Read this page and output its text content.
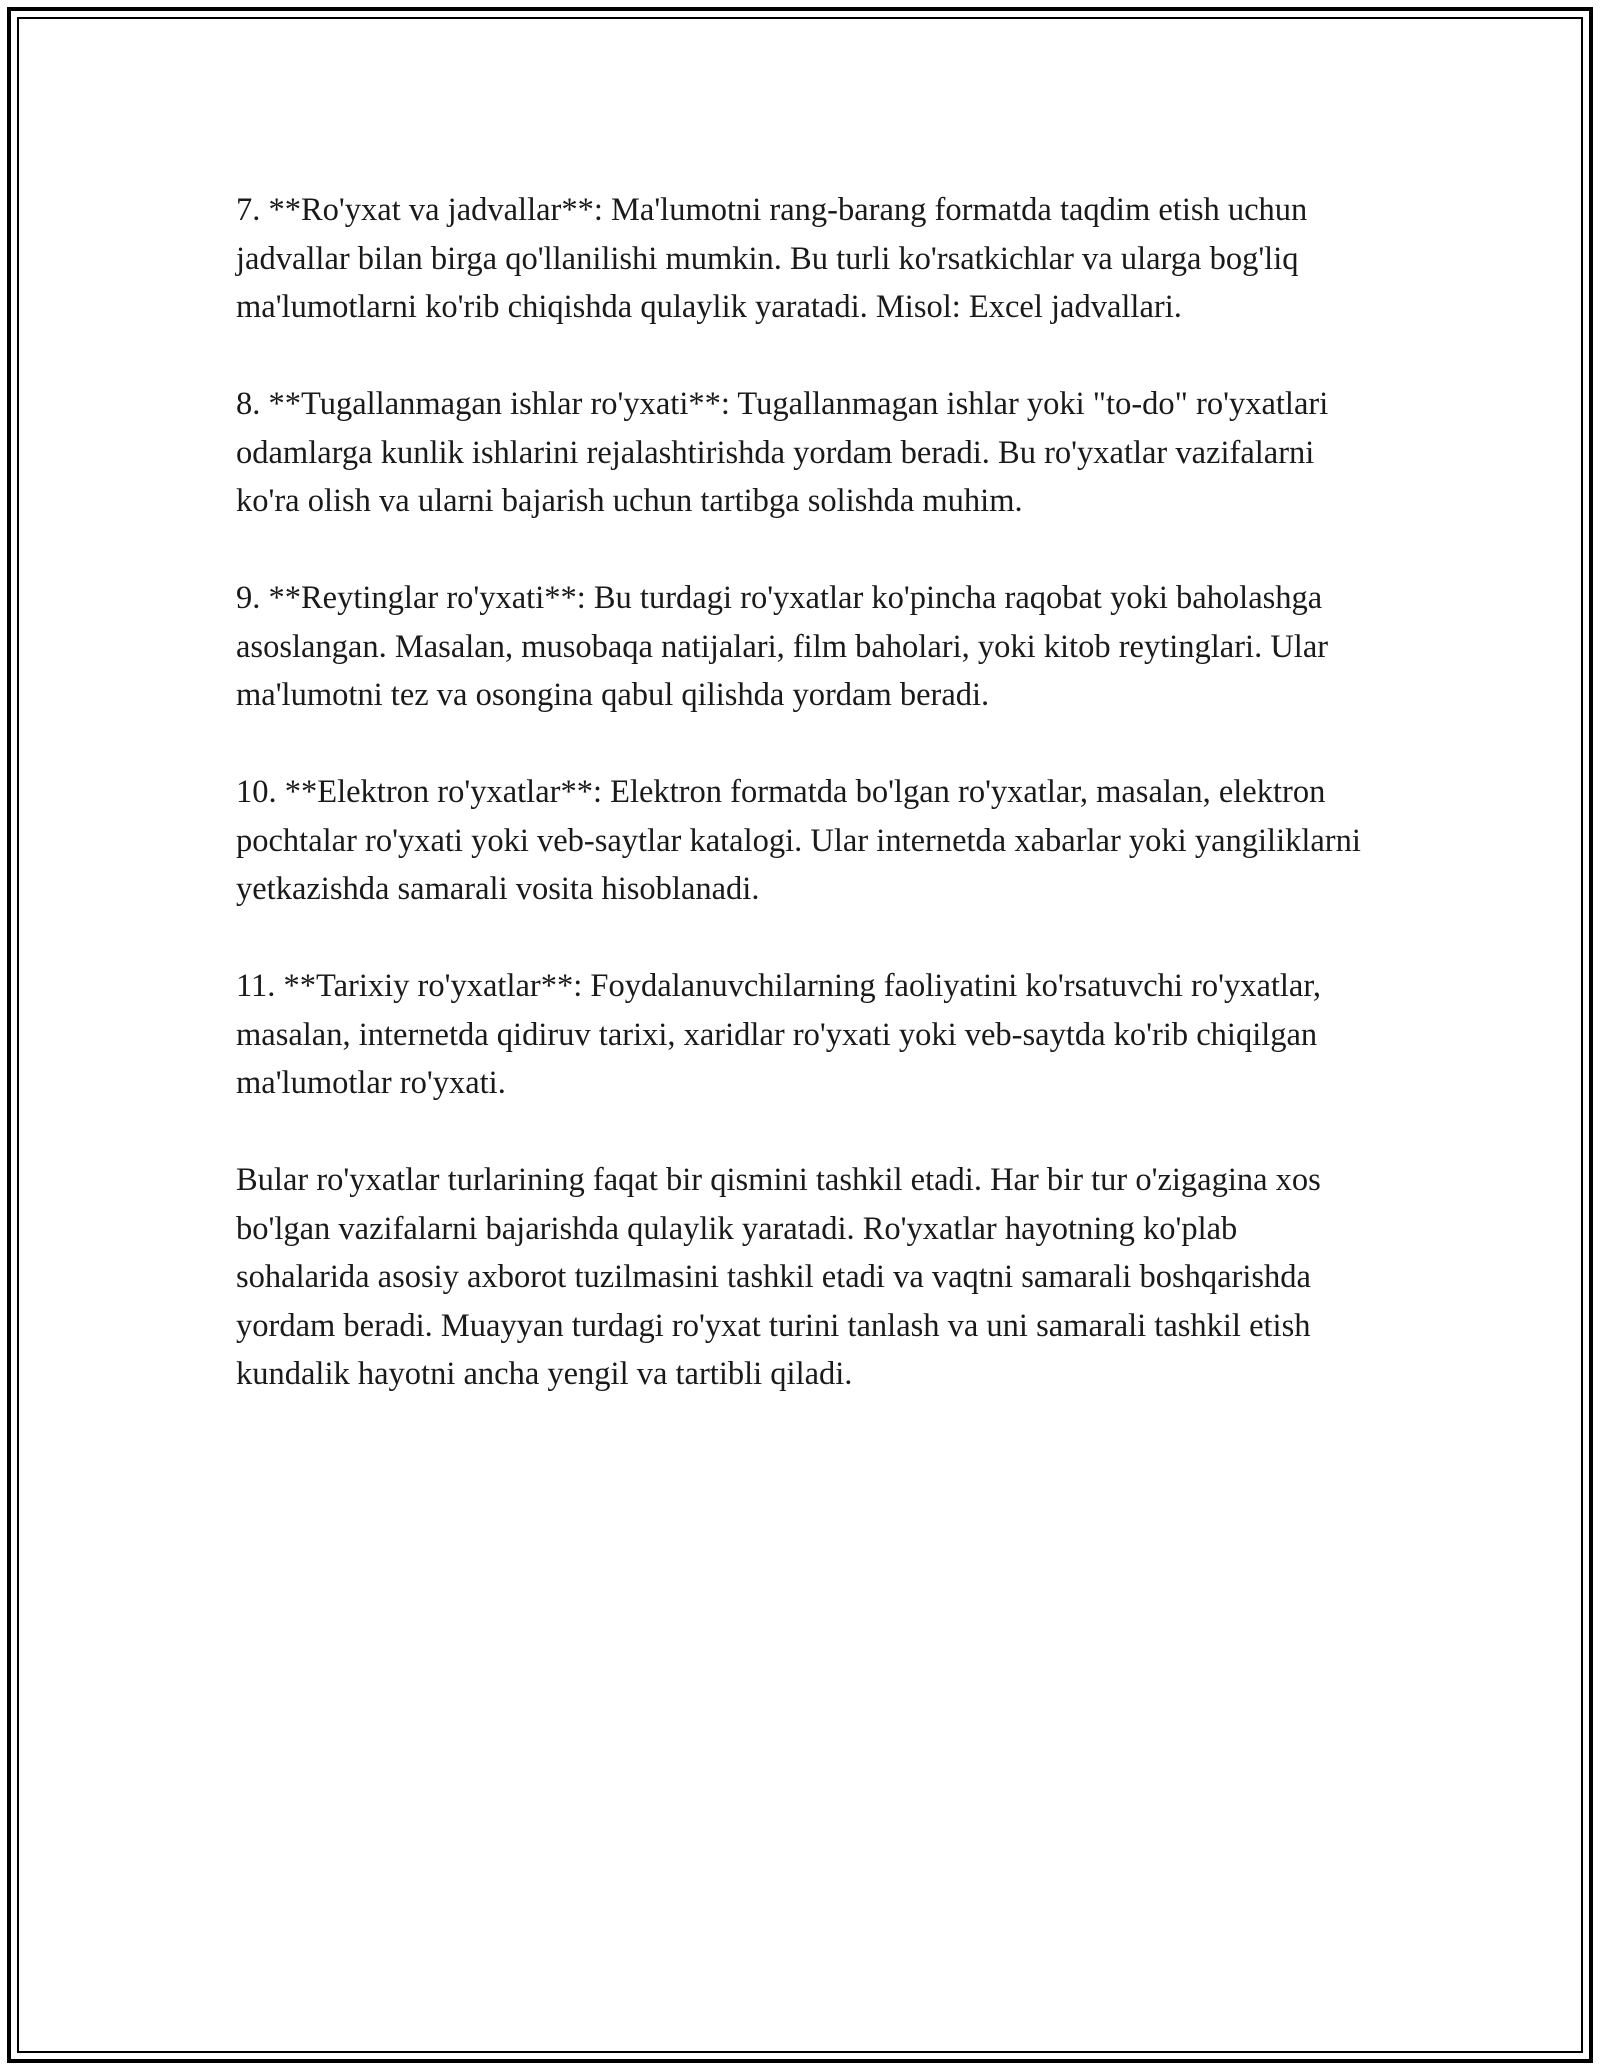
7. **Ro'yxat va jadvallar**: Ma'lumotni rang-barang formatda taqdim etish uchun jadvallar bilan birga qo'llanilishi mumkin. Bu turli ko'rsatkichlar va ularga bog'liq ma'lumotlarni ko'rib chiqishda qulaylik yaratadi. Misol: Excel jadvallari.

8. **Tugallanmagan ishlar ro'yxati**: Tugallanmagan ishlar yoki "to-do" ro'yxatlari odamlarga kunlik ishlarini rejalashtirishda yordam beradi. Bu ro'yxatlar vazifalarni ko'ra olish va ularni bajarish uchun tartibga solishda muhim.

9. **Reytinglar ro'yxati**: Bu turdagi ro'yxatlar ko'pincha raqobat yoki baholashga asoslangan. Masalan, musobaqa natijalari, film baholari, yoki kitob reytinglari. Ular ma'lumotni tez va osongina qabul qilishda yordam beradi.

10. **Elektron ro'yxatlar**: Elektron formatda bo'lgan ro'yxatlar, masalan, elektron pochtalar ro'yxati yoki veb-saytlar katalogi. Ular internetda xabarlar yoki yangiliklarni yetkazishda samarali vosita hisoblanadi.

11. **Tarixiy ro'yxatlar**: Foydalanuvchilarning faoliyatini ko'rsatuvchi ro'yxatlar, masalan, internetda qidiruv tarixi, xaridlar ro'yxati yoki veb-saytda ko'rib chiqilgan ma'lumotlar ro'yxati.

Bular ro'yxatlar turlarining faqat bir qismini tashkil etadi. Har bir tur o'zigagina xos bo'lgan vazifalarni bajarishda qulaylik yaratadi. Ro'yxatlar hayotning ko'plab sohalarida asosiy axborot tuzilmasini tashkil etadi va vaqtni samarali boshqarishda yordam beradi. Muayyan turdagi ro'yxat turini tanlash va uni samarali tashkil etish kundalik hayotni ancha yengil va tartibli qiladi.
